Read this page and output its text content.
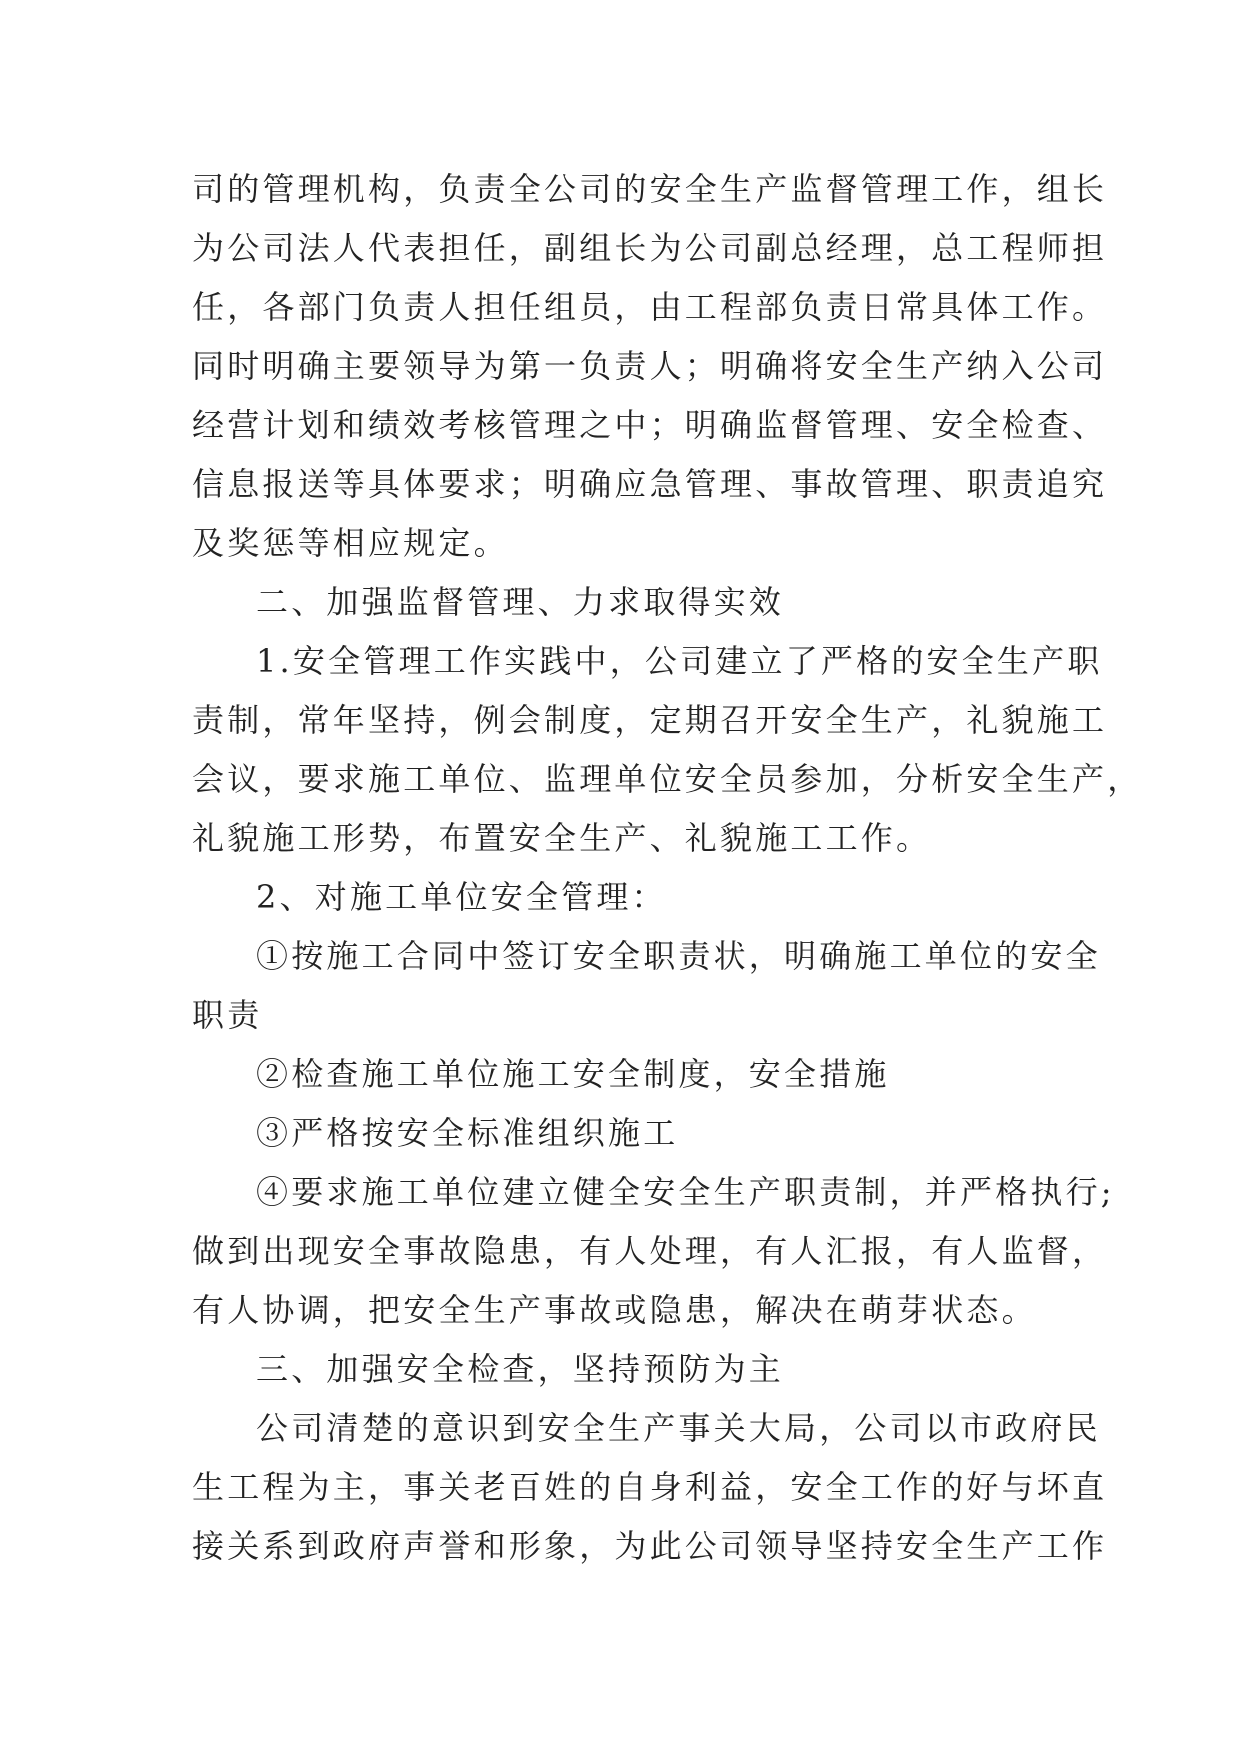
司的管理机构，负责全公司的安全生产监督管理工作，组长
为公司法人代表担任，副组长为公司副总经理，总工程师担
任，各部门负责人担任组员，由工程部负责日常具体工作。
同时明确主要领导为第一负责人；明确将安全生产纳入公司
经营计划和绩效考核管理之中；明确监督管理、安全检查、
信息报送等具体要求；明确应急管理、事故管理、职责追究
及奖惩等相应规定。
二、加强监督管理、力求取得实效
1.安全管理工作实践中，公司建立了严格的安全生产职
责制，常年坚持，例会制度，定期召开安全生产，礼貌施工
会议，要求施工单位、监理单位安全员参加，分析安全生产，
礼貌施工形势，布置安全生产、礼貌施工工作。
2、对施工单位安全管理：
①按施工合同中签订安全职责状，明确施工单位的安全
职责
②检查施工单位施工安全制度，安全措施
③严格按安全标准组织施工
④要求施工单位建立健全安全生产职责制，并严格执行;
做到出现安全事故隐患，有人处理，有人汇报，有人监督，
有人协调，把安全生产事故或隐患，解决在萌芽状态。
三、加强安全检查，坚持预防为主
公司清楚的意识到安全生产事关大局，公司以市政府民
生工程为主，事关老百姓的自身利益，安全工作的好与坏直
接关系到政府声誉和形象，为此公司领导坚持安全生产工作
